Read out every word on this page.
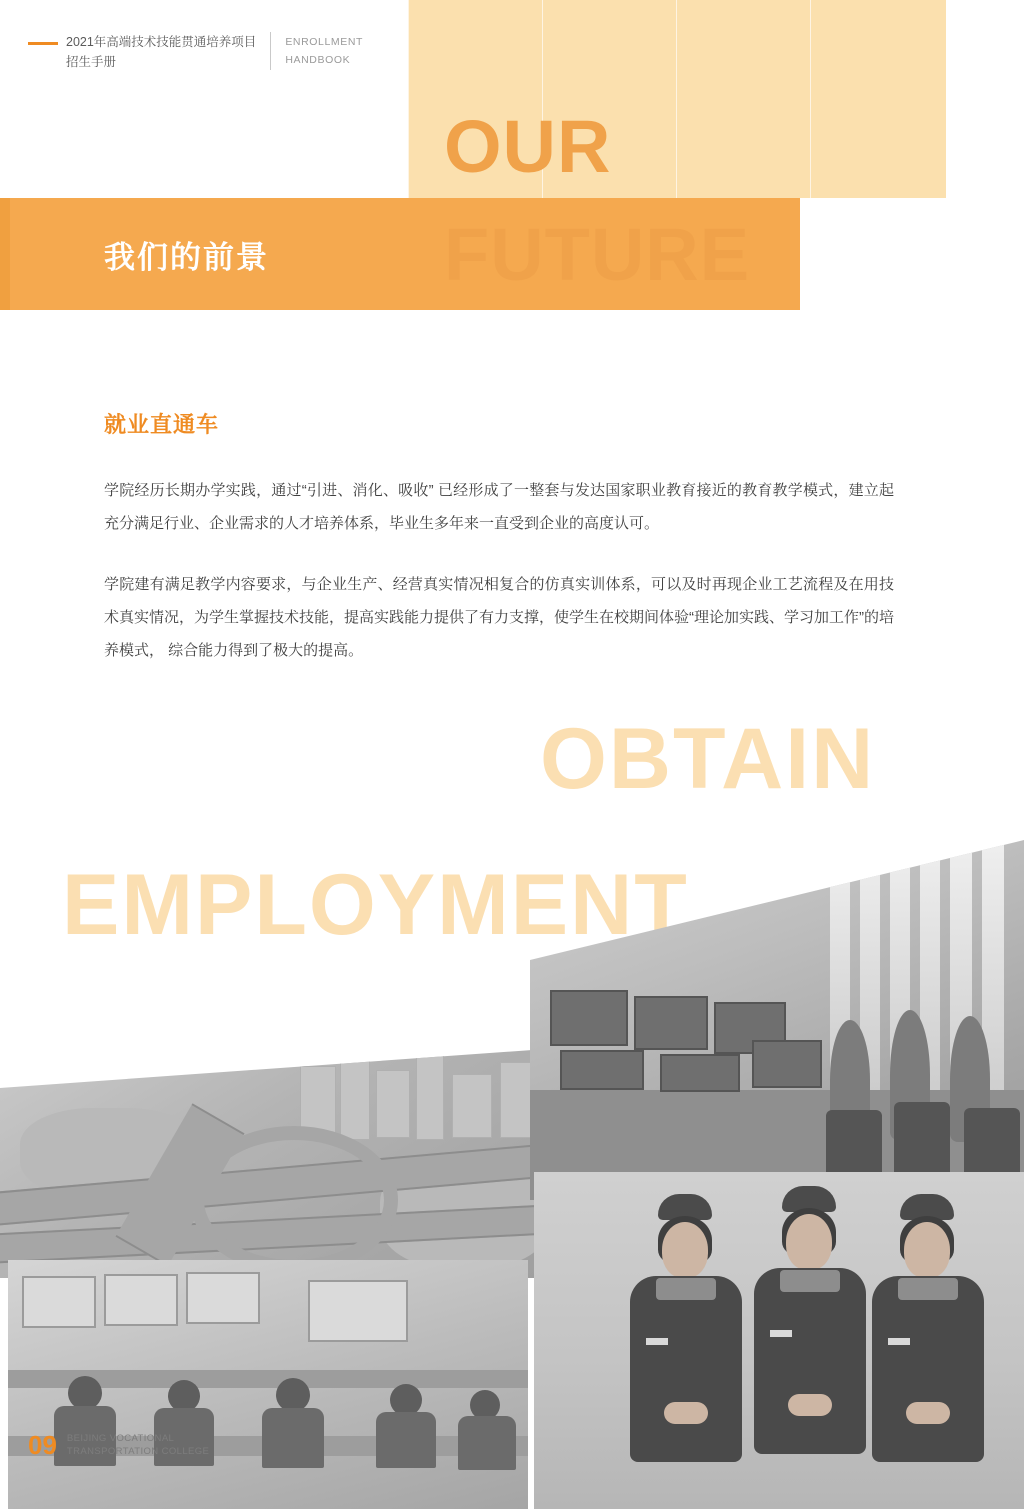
我们的前景
OUR
FUTURE
2021年高端技术技能贯通培养项目
招生手册
ENROLLMENT
HANDBOOK
就业直通车
学院经历长期办学实践，通过“引进、消化、吸收” 已经形成了一整套与发达国家职业教育接近的教育教学模式，建立起充分满足行业、企业需求的人才培养体系，毕业生多年来一直受到企业的高度认可。
学院建有满足教学内容要求，与企业生产、经营真实情况相复合的仿真实训体系，可以及时再现企业工艺流程及在用技术真实情况，为学生掌握技术技能，提高实践能力提供了有力支撑，使学生在校期间体验“理论加实践、学习加工作”的培养模式， 综合能力得到了极大的提高。
OBTAIN
EMPLOYMENT
09 BEIJING VOCATIONAL
TRANSPORTATION COLLEGE
